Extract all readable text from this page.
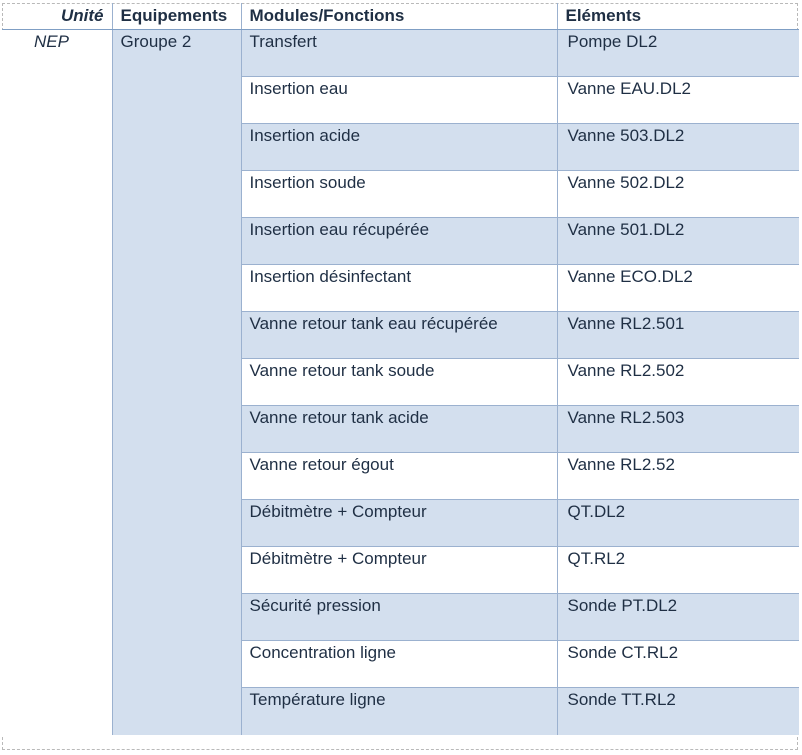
Unité	Equipements	Modules/Fonctions	Eléments
NEP	Groupe 2	Transfert	Pompe DL2
		Insertion eau	Vanne EAU.DL2
		Insertion acide	Vanne 503.DL2
		Insertion soude	Vanne 502.DL2
		Insertion eau récupérée	Vanne 501.DL2
		Insertion désinfectant	Vanne ECO.DL2
		Vanne retour tank eau récupérée	Vanne RL2.501
		Vanne retour tank soude	Vanne RL2.502
		Vanne retour tank acide	Vanne RL2.503
		Vanne retour égout	Vanne RL2.52
		Débitmètre + Compteur	QT.DL2
		Débitmètre + Compteur	QT.RL2
		Sécurité pression	Sonde PT.DL2
		Concentration ligne	Sonde CT.RL2
		Température ligne	Sonde TT.RL2
